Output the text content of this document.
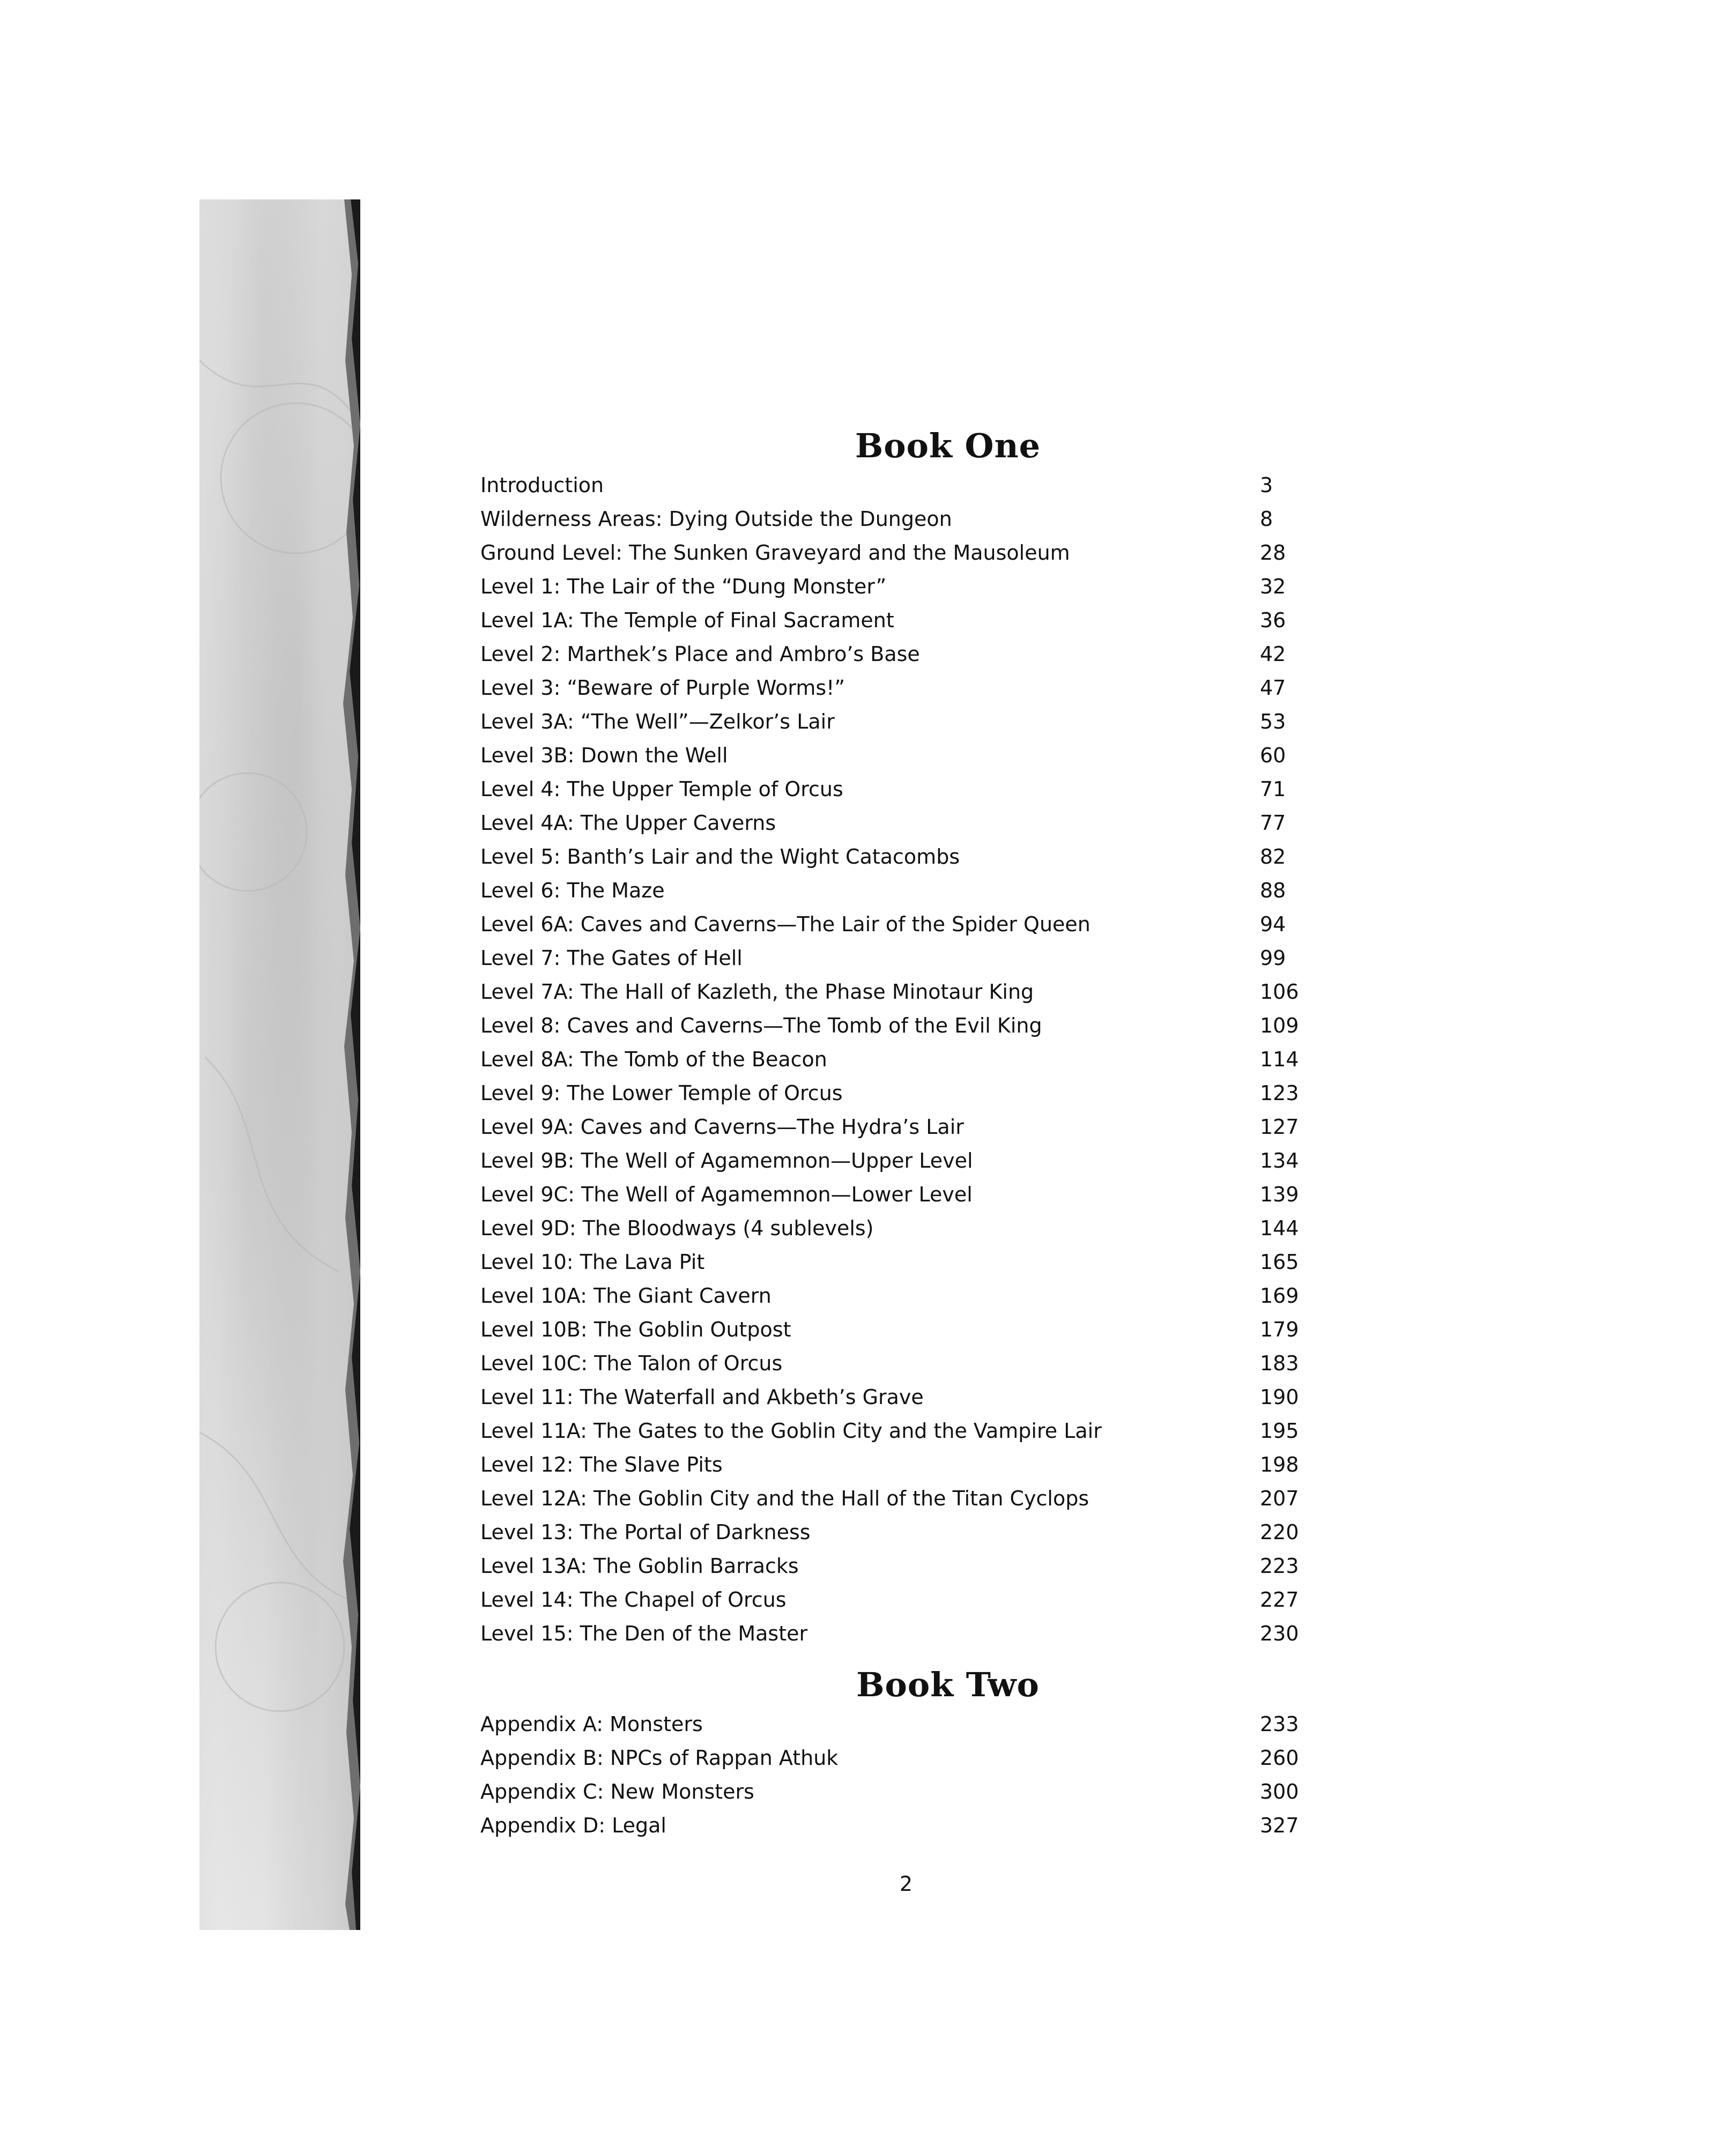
Book One
Introduction	3
Wilderness Areas: Dying Outside the Dungeon	8
Ground Level: The Sunken Graveyard and the Mausoleum	28
Level 1: The Lair of the “Dung Monster”	32
Level 1A: The Temple of Final Sacrament	36
Level 2: Marthek’s Place and Ambro’s Base	42
Level 3: “Beware of Purple Worms!”	47
Level 3A: “The Well”—Zelkor’s Lair	53
Level 3B: Down the Well	60
Level 4: The Upper Temple of Orcus	71
Level 4A: The Upper Caverns	77
Level 5: Banth’s Lair and the Wight Catacombs	82
Level 6: The Maze	88
Level 6A: Caves and Caverns—The Lair of the Spider Queen	94
Level 7: The Gates of Hell	99
Level 7A: The Hall of Kazleth, the Phase Minotaur King	106
Level 8: Caves and Caverns—The Tomb of the Evil King	109
Level 8A: The Tomb of the Beacon	114
Level 9: The Lower Temple of Orcus	123
Level 9A: Caves and Caverns—The Hydra’s Lair	127
Level 9B: The Well of Agamemnon—Upper Level	134
Level 9C: The Well of Agamemnon—Lower Level	139
Level 9D: The Bloodways (4 sublevels)	144
Level 10: The Lava Pit	165
Level 10A: The Giant Cavern	169
Level 10B: The Goblin Outpost	179
Level 10C: The Talon of Orcus	183
Level 11: The Waterfall and Akbeth’s Grave	190
Level 11A: The Gates to the Goblin City and the Vampire Lair	195
Level 12: The Slave Pits	198
Level 12A: The Goblin City and the Hall of the Titan Cyclops	207
Level 13: The Portal of Darkness	220
Level 13A: The Goblin Barracks	223
Level 14: The Chapel of Orcus	227
Level 15: The Den of the Master	230
Book Two
Appendix A: Monsters	233
Appendix B: NPCs of Rappan Athuk	260
Appendix C: New Monsters	300
Appendix D: Legal	327
2
